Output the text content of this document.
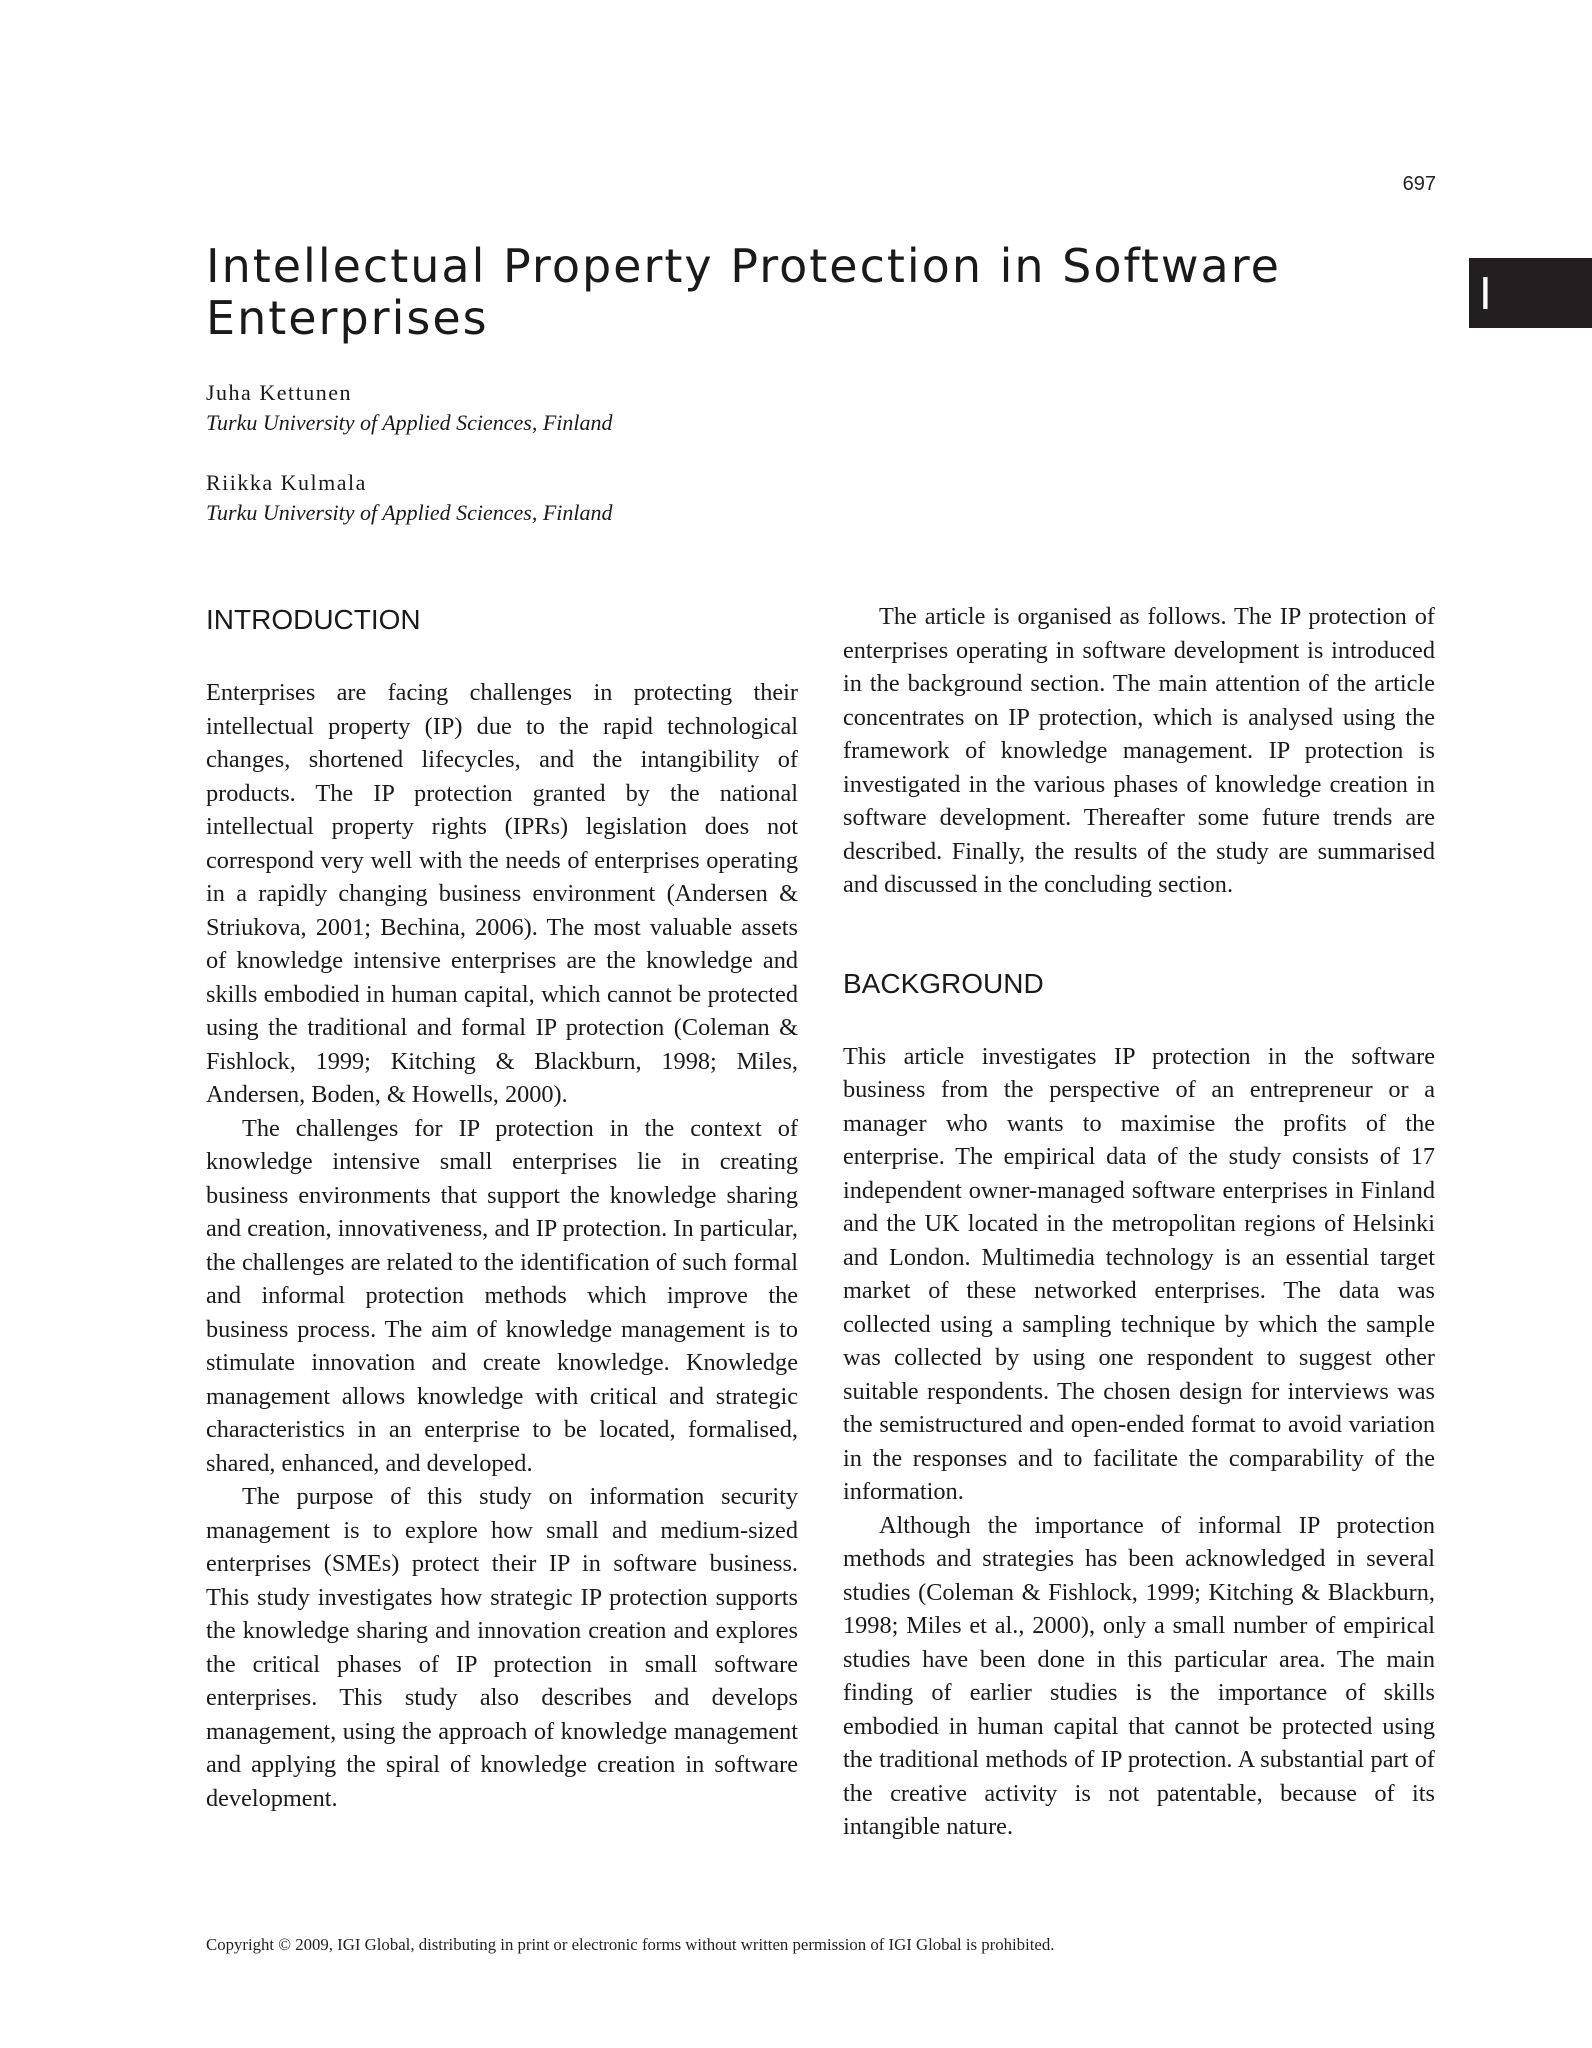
697
I
Intellectual Property Protection in Software Enterprises
Juha Kettunen
Turku University of Applied Sciences, Finland
Riikka Kulmala
Turku University of Applied Sciences, Finland
INTRODUCTION

Enterprises are facing challenges in protecting their intellectual property (IP) due to the rapid technological changes, shortened lifecycles, and the intangibility of products. The IP protection granted by the national intellectual property rights (IPRs) legislation does not correspond very well with the needs of enterprises operating in a rapidly changing business environment (Andersen & Striukova, 2001; Bechina, 2006). The most valuable assets of knowledge intensive enterprises are the knowledge and skills embodied in human capital, which cannot be protected using the traditional and formal IP protection (Coleman & Fishlock, 1999; Kitching & Blackburn, 1998; Miles, Andersen, Boden, & Howells, 2000).

The challenges for IP protection in the context of knowledge intensive small enterprises lie in creating business environments that support the knowledge sharing and creation, innovativeness, and IP protection. In particular, the challenges are related to the identification of such formal and informal protection methods which improve the business process. The aim of knowledge management is to stimulate innovation and create knowledge. Knowledge management allows knowledge with critical and strategic characteristics in an enterprise to be located, formalised, shared, enhanced, and developed.

The purpose of this study on information security management is to explore how small and medium-sized enterprises (SMEs) protect their IP in software business. This study investigates how strategic IP protection supports the knowledge sharing and innovation creation and explores the critical phases of IP protection in small software enterprises. This study also describes and develops management, using the approach of knowledge management and applying the spiral of knowledge creation in software development.

The article is organised as follows. The IP protection of enterprises operating in software development is introduced in the background section. The main attention of the article concentrates on IP protection, which is analysed using the framework of knowledge management. IP protection is investigated in the various phases of knowledge creation in software development. Thereafter some future trends are described. Finally, the results of the study are summarised and discussed in the concluding section.

BACKGROUND

This article investigates IP protection in the software business from the perspective of an entrepreneur or a manager who wants to maximise the profits of the enterprise. The empirical data of the study consists of 17 independent owner-managed software enterprises in Finland and the UK located in the metropolitan regions of Helsinki and London. Multimedia technology is an essential target market of these networked enterprises. The data was collected using a sampling technique by which the sample was collected by using one respondent to suggest other suitable respondents. The chosen design for interviews was the semistructured and open-ended format to avoid variation in the responses and to facilitate the comparability of the information.

Although the importance of informal IP protection methods and strategies has been acknowledged in several studies (Coleman & Fishlock, 1999; Kitching & Blackburn, 1998; Miles et al., 2000), only a small number of empirical studies have been done in this particular area. The main finding of earlier studies is the importance of skills embodied in human capital that cannot be protected using the traditional methods of IP protection. A substantial part of the creative activity is not patentable, because of its intangible nature.

Copyright © 2009, IGI Global, distributing in print or electronic forms without written permission of IGI Global is prohibited.
